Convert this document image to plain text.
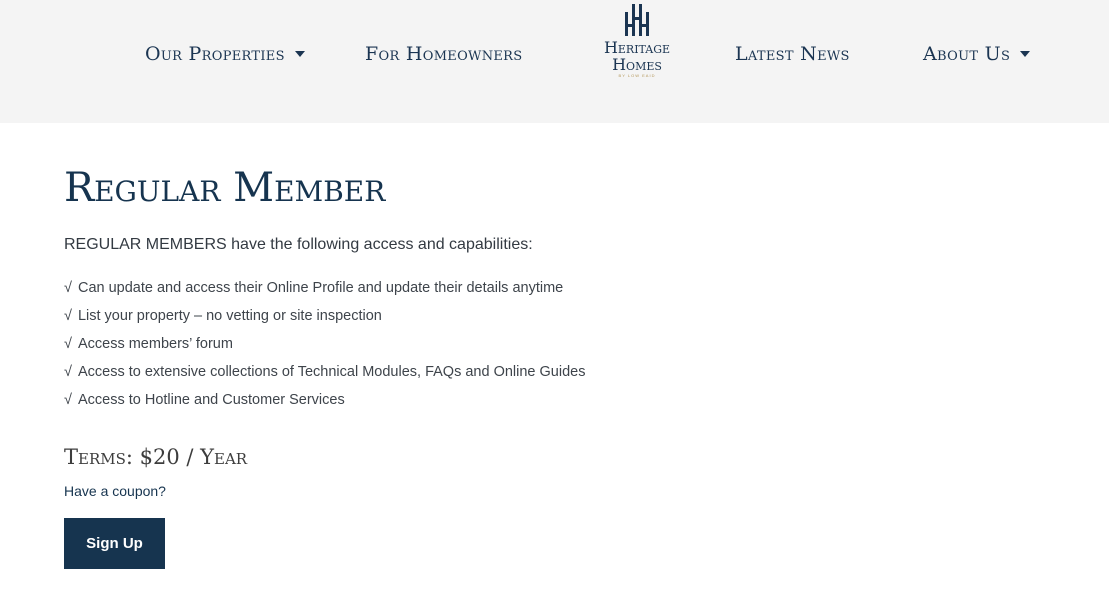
Our Properties	For Homeowners	Heritage
Homes
BY LOW EAID
Latest News	About Us
Regular Member
REGULAR MEMBERS have the following access and capabilities:
√ Can update and access their Online Profile and update their details anytime
√ List your property – no vetting or site inspection
√ Access members’ forum
√ Access to extensive collections of Technical Modules, FAQs and Online Guides
√ Access to Hotline and Customer Services
Terms: $20 / Year
Have a coupon?
Sign Up
